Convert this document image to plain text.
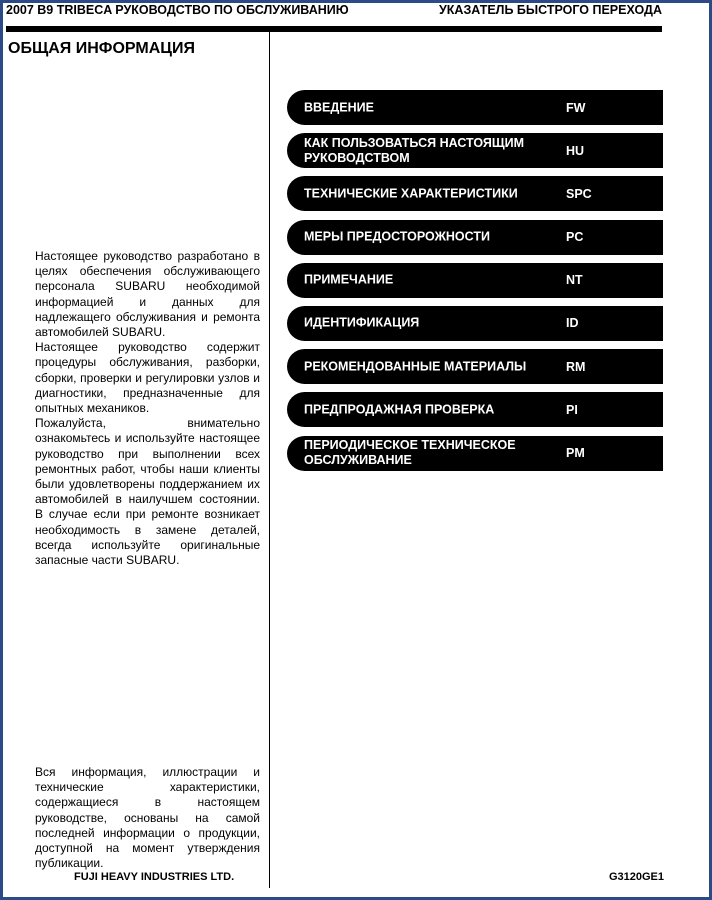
2007 B9 TRIBECA РУКОВОДСТВО ПО ОБСЛУЖИВАНИЮ	УКАЗАТЕЛЬ БЫСТРОГО ПЕРЕХОДА
ОБЩАЯ ИНФОРМАЦИЯ

Настоящее руководство разработано в целях обеспечения обслуживающего персонала SUBARU необходимой информацией и данных для надлежащего обслуживания и ремонта автомобилей SUBARU.

Настоящее руководство содержит процедуры обслуживания, разборки, сборки, проверки и регулировки узлов и диагностики, предназначенные для опытных механиков.

Пожалуйста, внимательно ознакомьтесь и используйте настоящее руководство при выполнении всех ремонтных работ, чтобы наши клиенты были удовлетворены поддержанием их автомобилей в наилучшем состоянии. В случае если при ремонте возникает необходимость в замене деталей, всегда используйте оригинальные запасные части SUBARU.

Вся информация, иллюстрации и технические характеристики, содержащиеся в настоящем руководстве, основаны на самой последней информации о продукции, доступной на момент утверждения публикации.
FUJI HEAVY INDUSTRIES LTD.	G3120GE1
ВВЕДЕНИЕ	FW
КАК ПОЛЬЗОВАТЬСЯ НАСТОЯЩИМ РУКОВОДСТВОМ	HU
ТЕХНИЧЕСКИЕ ХАРАКТЕРИСТИКИ	SPC
МЕРЫ ПРЕДОСТОРОЖНОСТИ	PC
ПРИМЕЧАНИЕ	NT
ИДЕНТИФИКАЦИЯ	ID
РЕКОМЕНДОВАННЫЕ МАТЕРИАЛЫ	RM
ПРЕДПРОДАЖНАЯ ПРОВЕРКА	PI
ПЕРИОДИЧЕСКОЕ ТЕХНИЧЕСКОЕ ОБСЛУЖИВАНИЕ	PM
